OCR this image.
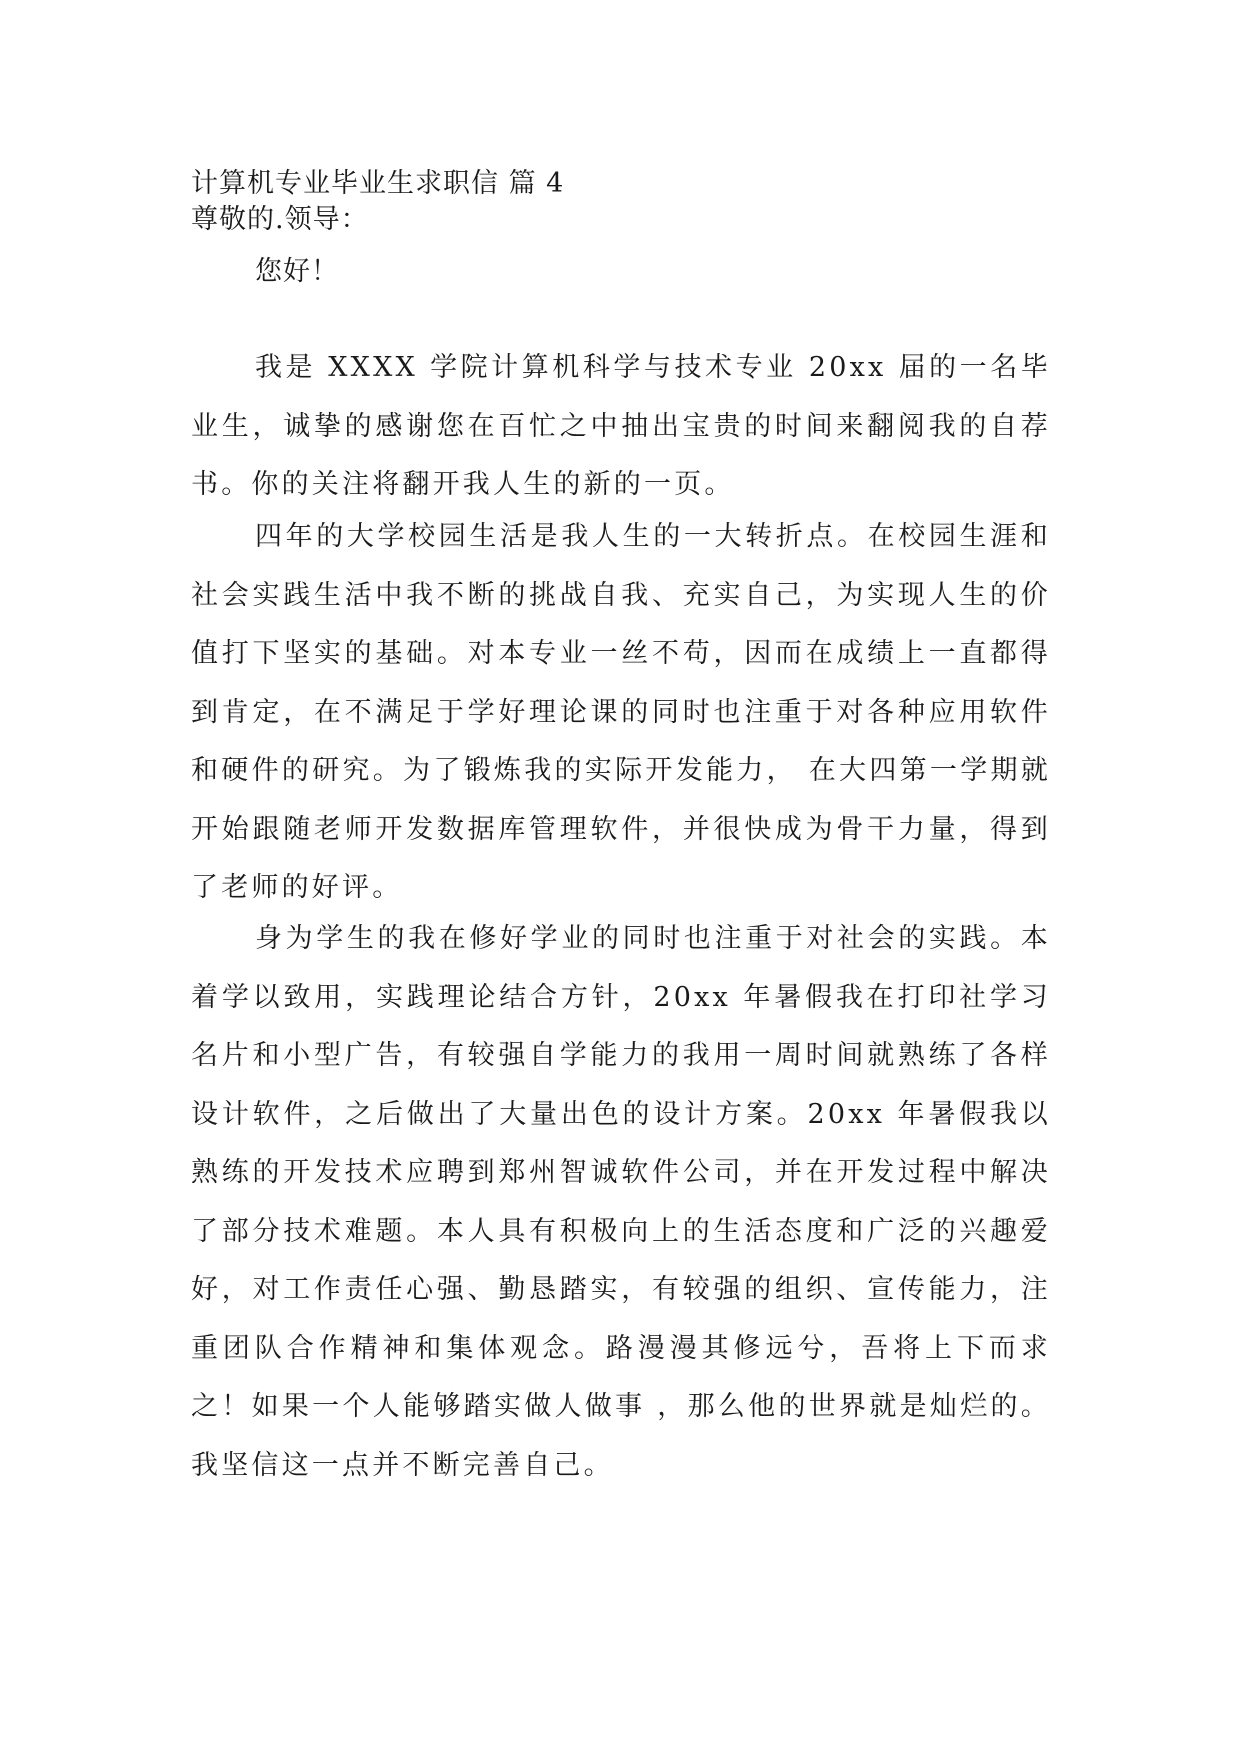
计算机专业毕业生求职信 篇 4
尊敬的.领导：
您好！

我是 XXXX 学院计算机科学与技术专业 20xx 届的一名毕业生，诚挚的感谢您在百忙之中抽出宝贵的时间来翻阅我的自荐书。你的关注将翻开我人生的新的一页。

四年的大学校园生活是我人生的一大转折点。在校园生涯和社会实践生活中我不断的挑战自我、充实自己，为实现人生的价值打下坚实的基础。对本专业一丝不苟，因而在成绩上一直都得到肯定，在不满足于学好理论课的同时也注重于对各种应用软件和硬件的研究。为了锻炼我的实际开发能力， 在大四第一学期就开始跟随老师开发数据库管理软件，并很快成为骨干力量，得到了老师的好评。

身为学生的我在修好学业的同时也注重于对社会的实践。本着学以致用，实践理论结合方针，20xx 年暑假我在打印社学习名片和小型广告，有较强自学能力的我用一周时间就熟练了各样设计软件，之后做出了大量出色的设计方案。20xx 年暑假我以熟练的开发技术应聘到郑州智诚软件公司，并在开发过程中解决了部分技术难题。本人具有积极向上的生活态度和广泛的兴趣爱好，对工作责任心强、勤恳踏实，有较强的组织、宣传能力，注重团队合作精神和集体观念。路漫漫其修远兮，吾将上下而求之！如果一个人能够踏实做人做事 ，那么他的世界就是灿烂的。我坚信这一点并不断完善自己。
